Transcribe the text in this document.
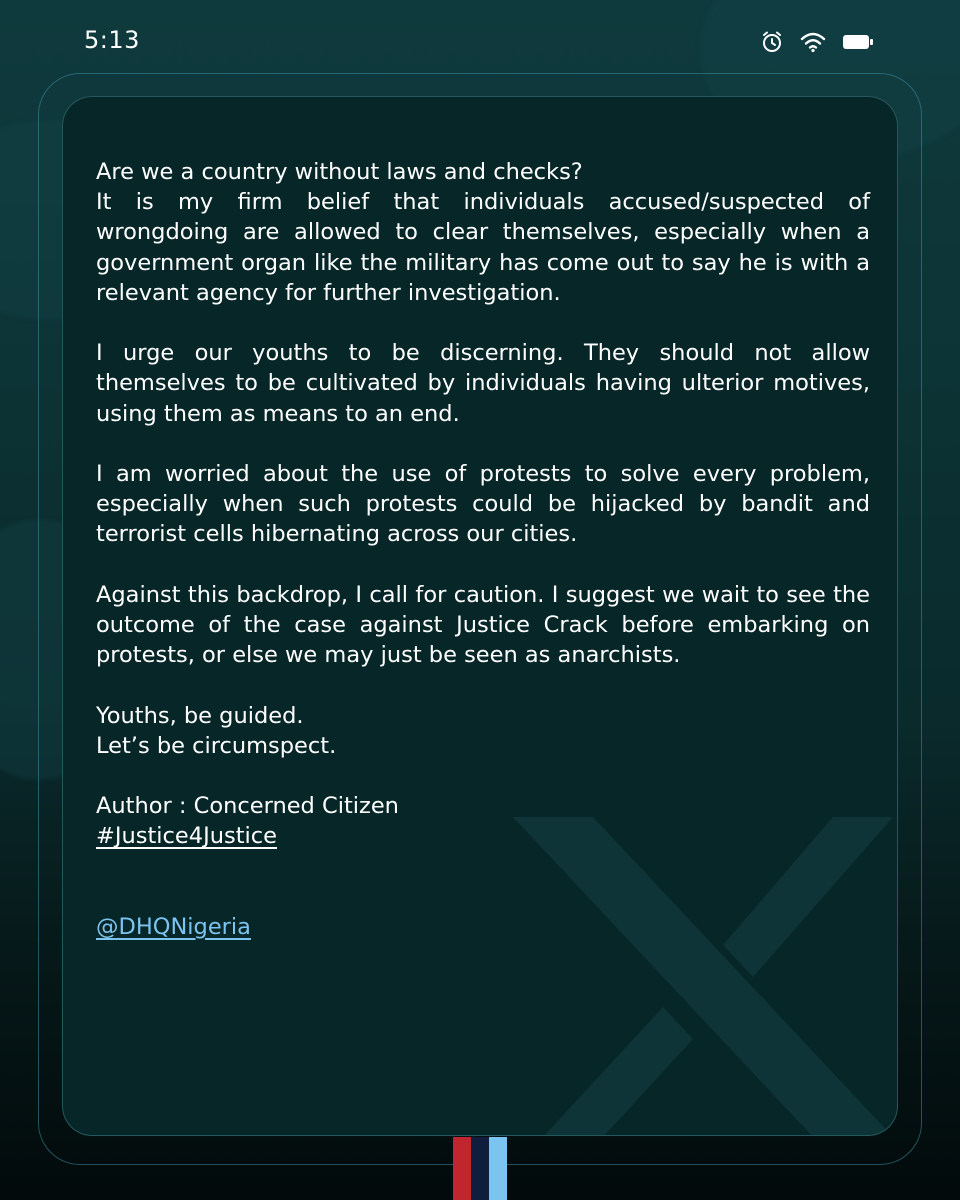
5:13

Are we a country without laws and checks?
It is my firm belief that individuals accused/suspected of wrongdoing are allowed to clear themselves, especially when a government organ like the military has come out to say he is with a relevant agency for further investigation.

I urge our youths to be discerning. They should not allow themselves to be cultivated by individuals having ulterior motives, using them as means to an end.

I am worried about the use of protests to solve every problem, especially when such protests could be hijacked by bandit and terrorist cells hibernating across our cities.

Against this backdrop, I call for caution. I suggest we wait to see the outcome of the case against Justice Crack before embarking on protests, or else we may just be seen as anarchists.

Youths, be guided.
Let’s be circumspect.

Author : Concerned Citizen
#Justice4Justice

@DHQNigeria
